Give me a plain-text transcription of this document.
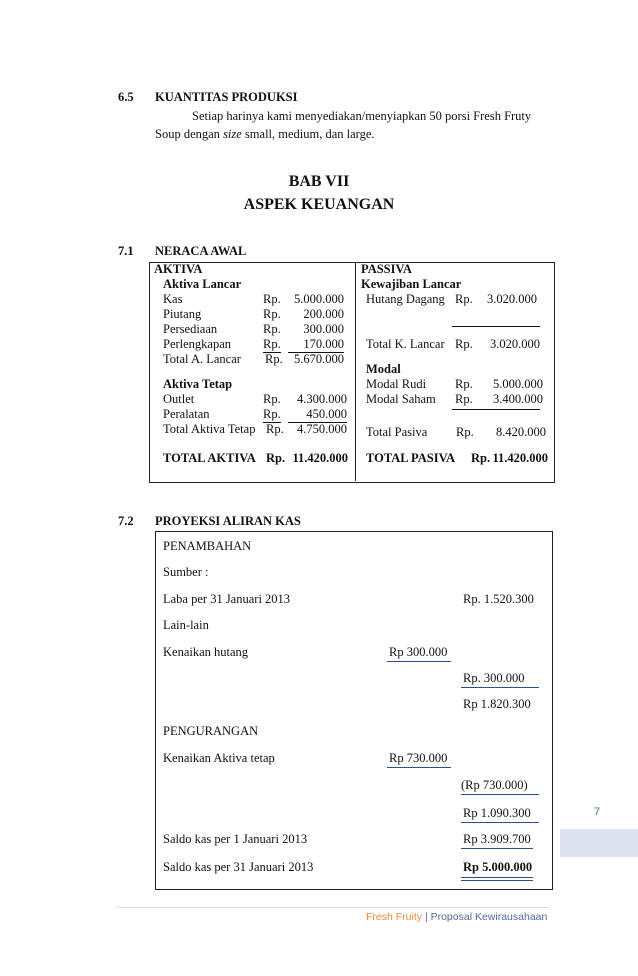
6.5 KUANTITAS PRODUKSI
Setiap harinya kami menyediakan/menyiapkan 50 porsi Fresh Fruty
Soup dengan size small, medium, dan large.
BAB VII
ASPEK KEUANGAN
7.1 NERACA AWAL
AKTIVA
Aktiva Lancar
Kas	Rp.	5.000.000
Piutang	Rp.	200.000
Persediaan	Rp.	300.000
Perlengkapan	Rp.	170.000
Total A. Lancar Rp. 5.670.000
Aktiva Tetap
Outlet	Rp.	4.300.000
Peralatan	Rp.	450.000
Total Aktiva Tetap Rp.	4.750.000
TOTAL AKTIVA Rp. 11.420.000
PASSIVA
Kewajiban Lancar
Hutang Dagang Rp.	3.020.000
Total K. Lancar Rp.	3.020.000
Modal
Modal Rudi Rp.	5.000.000
Modal Saham Rp.	3.400.000
Total Pasiva Rp.	8.420.000
TOTAL PASIVA Rp. 11.420.000
7.2 PROYEKSI ALIRAN KAS
PENAMBAHAN
Sumber :
Laba per 31 Januari 2013	Rp. 1.520.300
Lain-lain
Kenaikan hutang	Rp 300.000
Rp. 300.000
Rp 1.820.300
PENGURANGAN
Kenaikan Aktiva tetap	Rp 730.000
(Rp 730.000)
Rp 1.090.300
Saldo kas per 1 Januari 2013	Rp 3.909.700
Saldo kas per 31 Januari 2013	Rp 5.000.000
7
Fresh Fruity | Proposal Kewirausahaan
